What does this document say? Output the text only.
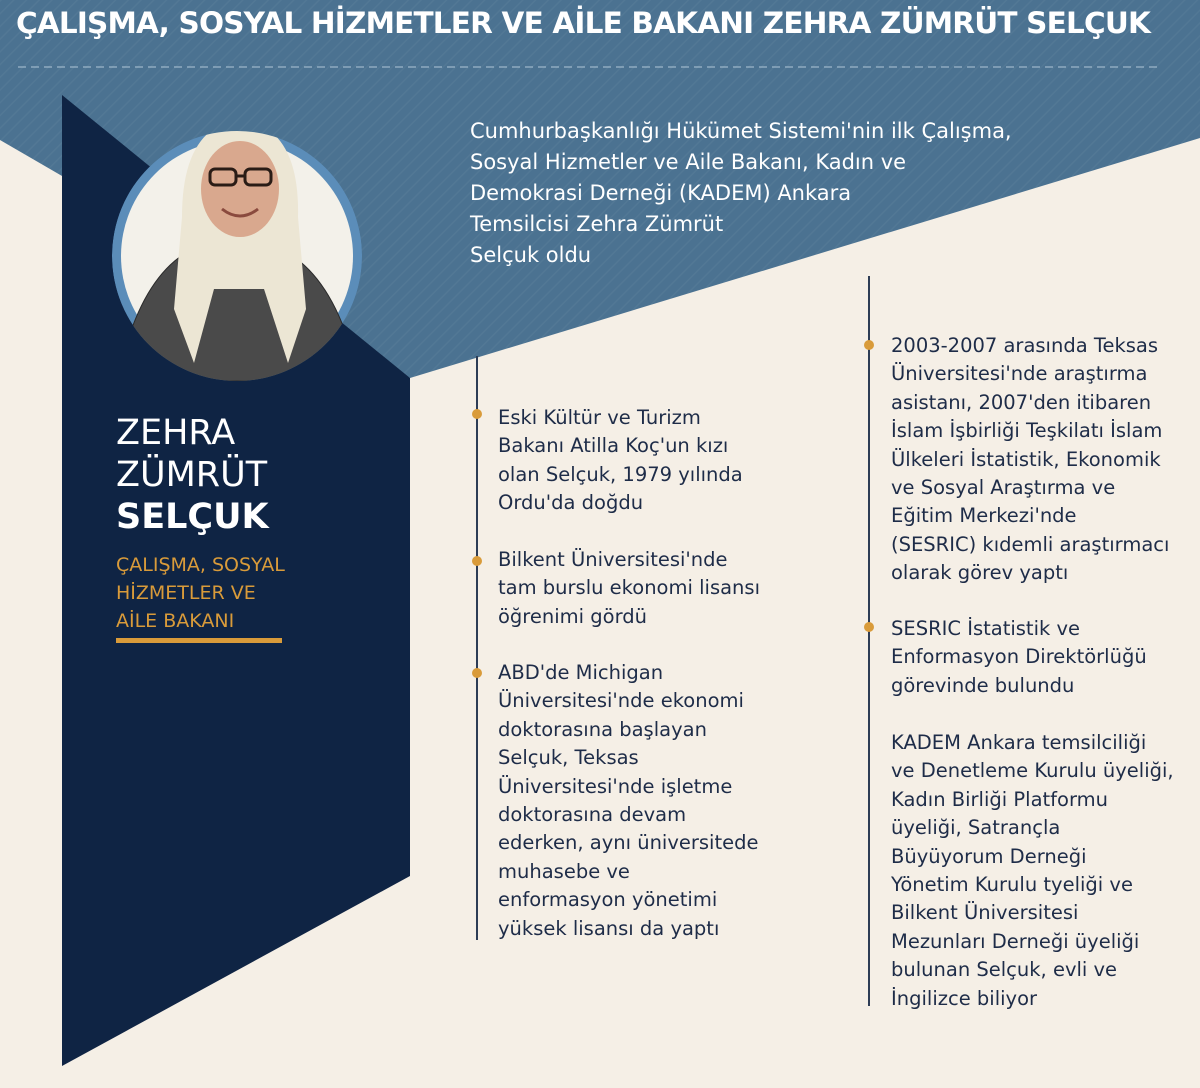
ÇALIŞMA, SOSYAL HİZMETLER VE AİLE BAKANI ZEHRA ZÜMRÜT SELÇUK

Cumhurbaşkanlığı Hükümet Sistemi'nin ilk Çalışma,
Sosyal Hizmetler ve Aile Bakanı, Kadın ve
Demokrasi Derneği (KADEM) Ankara
Temsilcisi Zehra Zümrüt
Selçuk oldu

ZEHRA
ZÜMRÜT
SELÇUK

ÇALIŞMA, SOSYAL
HİZMETLER VE
AİLE BAKANI

Eski Kültür ve Turizm
Bakanı Atilla Koç'un kızı
olan Selçuk, 1979 yılında
Ordu'da doğdu

Bilkent Üniversitesi'nde
tam burslu ekonomi lisansı
öğrenimi gördü

ABD'de Michigan
Üniversitesi'nde ekonomi
doktorasına başlayan
Selçuk, Teksas
Üniversitesi'nde işletme
doktorasına devam
ederken, aynı üniversitede
muhasebe ve
enformasyon yönetimi
yüksek lisansı da yaptı

2003-2007 arasında Teksas
Üniversitesi'nde araştırma
asistanı, 2007'den itibaren
İslam İşbirliği Teşkilatı İslam
Ülkeleri İstatistik, Ekonomik
ve Sosyal Araştırma ve
Eğitim Merkezi'nde
(SESRIC) kıdemli araştırmacı
olarak görev yaptı

SESRIC İstatistik ve
Enformasyon Direktörlüğü
görevinde bulundu

KADEM Ankara temsilciliği
ve Denetleme Kurulu üyeliği,
Kadın Birliği Platformu
üyeliği, Satrançla
Büyüyorum Derneği
Yönetim Kurulu tyeliği ve
Bilkent Üniversitesi
Mezunları Derneği üyeliği
bulunan Selçuk, evli ve
İngilizce biliyor
